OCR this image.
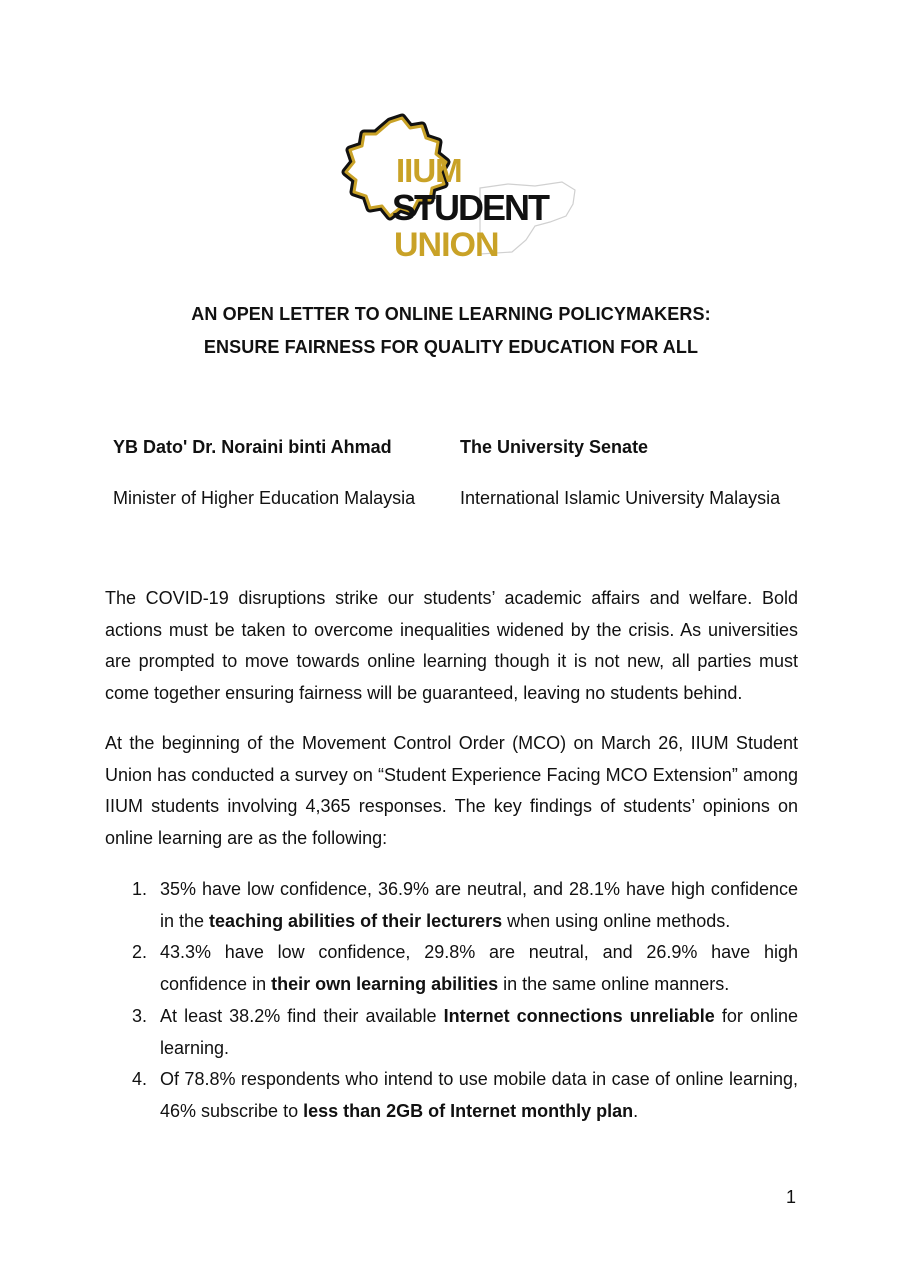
IIUM
STUDENT
UNION
AN OPEN LETTER TO ONLINE LEARNING POLICYMAKERS:
ENSURE FAIRNESS FOR QUALITY EDUCATION FOR ALL
YB Dato' Dr. Noraini binti Ahmad
Minister of Higher Education Malaysia
The University Senate
International Islamic University Malaysia

The COVID-19 disruptions strike our students’ academic affairs and welfare. Bold actions must be taken to overcome inequalities widened by the crisis. As universities are prompted to move towards online learning though it is not new, all parties must come together ensuring fairness will be guaranteed, leaving no students behind.

At the beginning of the Movement Control Order (MCO) on March 26, IIUM Student Union has conducted a survey on “Student Experience Facing MCO Extension” among IIUM students involving 4,365 responses. The key findings of students’ opinions on online learning are as the following:

1. 35% have low confidence, 36.9% are neutral, and 28.1% have high confidence in the teaching abilities of their lecturers when using online methods.
2. 43.3% have low confidence, 29.8% are neutral, and 26.9% have high confidence in their own learning abilities in the same online manners.
3. At least 38.2% find their available Internet connections unreliable for online learning.
4. Of 78.8% respondents who intend to use mobile data in case of online learning, 46% subscribe to less than 2GB of Internet monthly plan.
1
